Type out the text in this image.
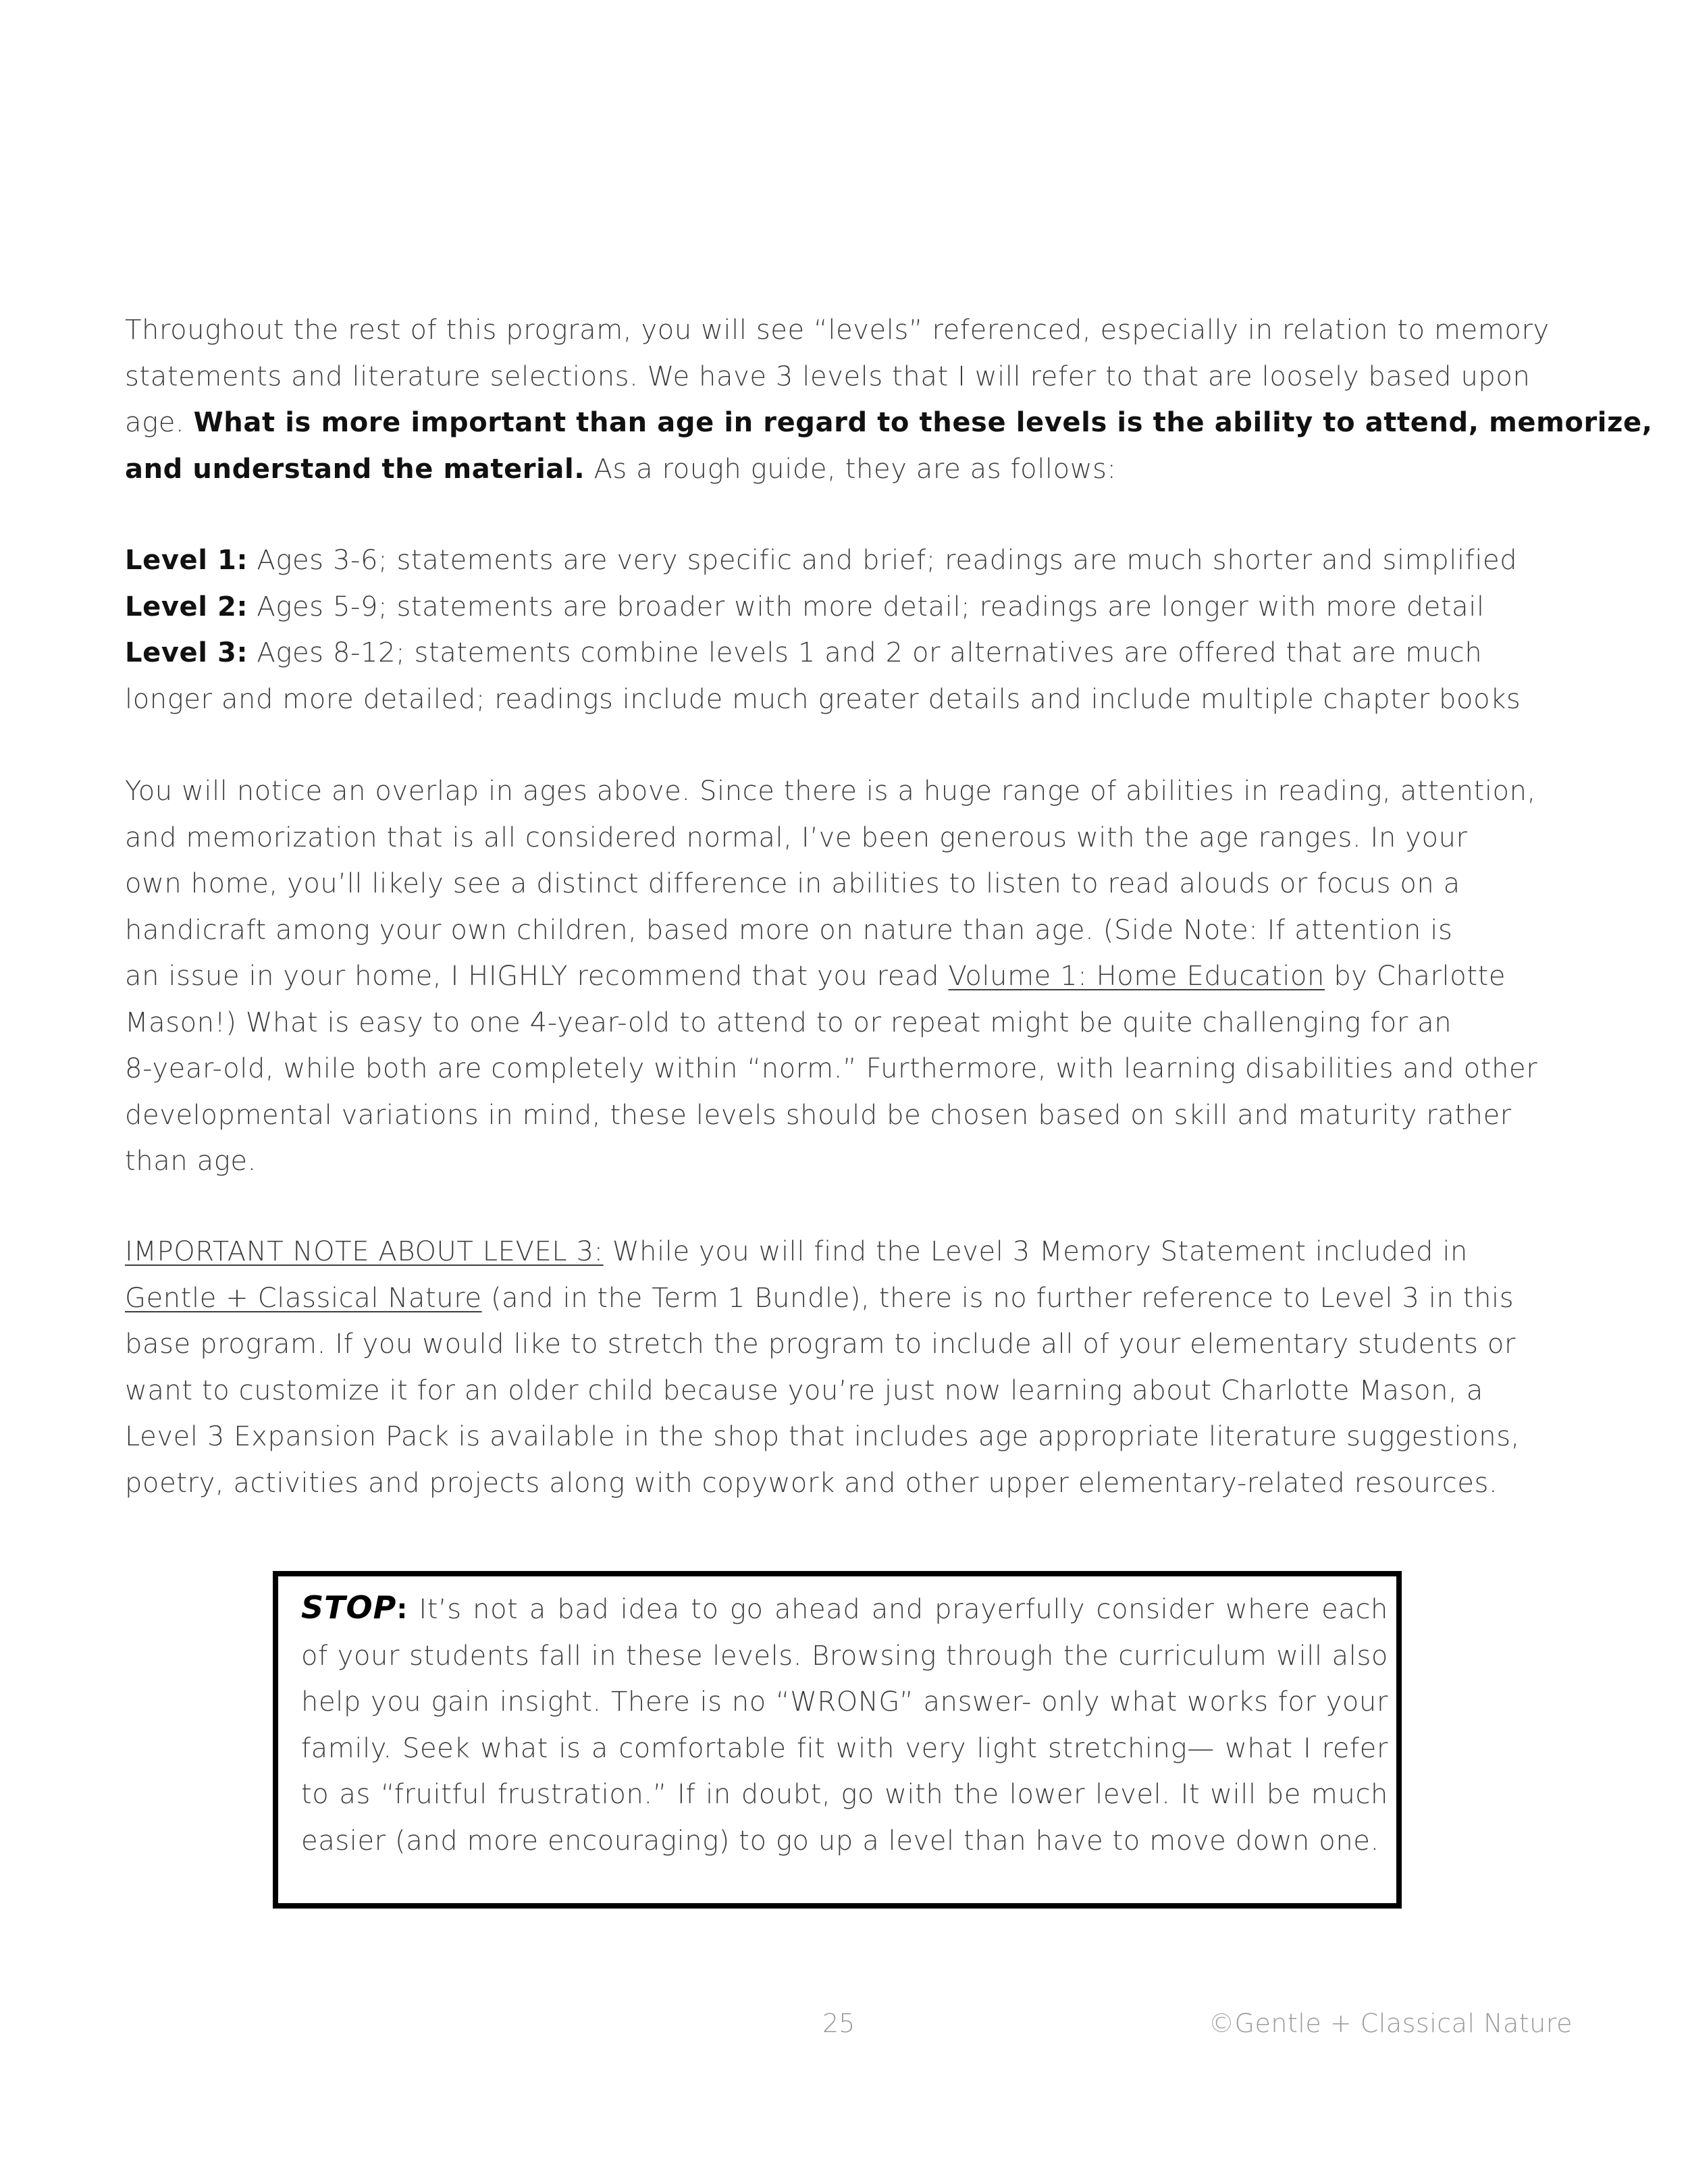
Throughout the rest of this program, you will see “levels” referenced, especially in relation to memory
statements and literature selections. We have 3 levels that I will refer to that are loosely based upon
age. What is more important than age in regard to these levels is the ability to attend, memorize,
and understand the material. As a rough guide, they are as follows:
Level 1: Ages 3-6; statements are very specific and brief; readings are much shorter and simplified
Level 2: Ages 5-9; statements are broader with more detail; readings are longer with more detail
Level 3: Ages 8-12; statements combine levels 1 and 2 or alternatives are offered that are much
longer and more detailed; readings include much greater details and include multiple chapter books
You will notice an overlap in ages above. Since there is a huge range of abilities in reading, attention,
and memorization that is all considered normal, I’ve been generous with the age ranges. In your
own home, you’ll likely see a distinct difference in abilities to listen to read alouds or focus on a
handicraft among your own children, based more on nature than age. (Side Note: If attention is
an issue in your home, I HIGHLY recommend that you read Volume 1: Home Education by Charlotte
Mason!) What is easy to one 4-year-old to attend to or repeat might be quite challenging for an
8-year-old, while both are completely within “norm.” Furthermore, with learning disabilities and other
developmental variations in mind, these levels should be chosen based on skill and maturity rather
than age.
IMPORTANT NOTE ABOUT LEVEL 3: While you will find the Level 3 Memory Statement included in
Gentle + Classical Nature (and in the Term 1 Bundle), there is no further reference to Level 3 in this
base program. If you would like to stretch the program to include all of your elementary students or
want to customize it for an older child because you’re just now learning about Charlotte Mason, a
Level 3 Expansion Pack is available in the shop that includes age appropriate literature suggestions,
poetry, activities and projects along with copywork and other upper elementary-related resources.
STOP: It’s not a bad idea to go ahead and prayerfully consider where each of your students fall in these levels. Browsing through the curriculum will also help you gain insight. There is no “WRONG” answer- only what works for your family. Seek what is a comfortable fit with very light stretching— what I refer to as “fruitful frustration.” If in doubt, go with the lower level. It will be much easier (and more encouraging) to go up a level than have to move down one.
25	©Gentle + Classical Nature
